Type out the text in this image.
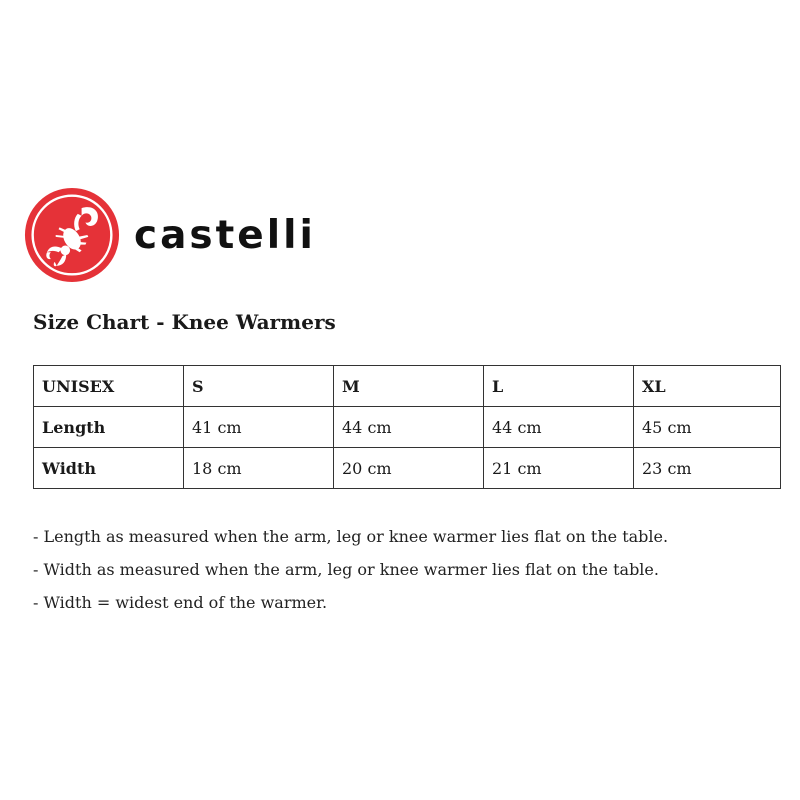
castelli
Size Chart - Knee Warmers
UNISEX	S	M	L	XL
Length	41 cm	44 cm	44 cm	45 cm
Width	18 cm	20 cm	21 cm	23 cm
- Length as measured when the arm, leg or knee warmer lies flat on the table.
- Width as measured when the arm, leg or knee warmer lies flat on the table.
- Width = widest end of the warmer.
